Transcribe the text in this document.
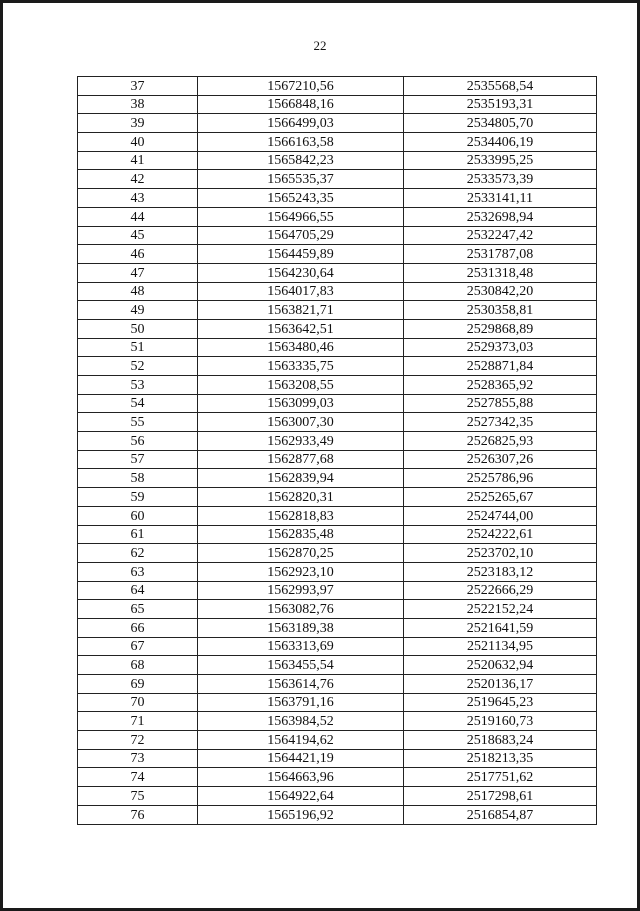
22
37	1567210,56	2535568,54
38	1566848,16	2535193,31
39	1566499,03	2534805,70
40	1566163,58	2534406,19
41	1565842,23	2533995,25
42	1565535,37	2533573,39
43	1565243,35	2533141,11
44	1564966,55	2532698,94
45	1564705,29	2532247,42
46	1564459,89	2531787,08
47	1564230,64	2531318,48
48	1564017,83	2530842,20
49	1563821,71	2530358,81
50	1563642,51	2529868,89
51	1563480,46	2529373,03
52	1563335,75	2528871,84
53	1563208,55	2528365,92
54	1563099,03	2527855,88
55	1563007,30	2527342,35
56	1562933,49	2526825,93
57	1562877,68	2526307,26
58	1562839,94	2525786,96
59	1562820,31	2525265,67
60	1562818,83	2524744,00
61	1562835,48	2524222,61
62	1562870,25	2523702,10
63	1562923,10	2523183,12
64	1562993,97	2522666,29
65	1563082,76	2522152,24
66	1563189,38	2521641,59
67	1563313,69	2521134,95
68	1563455,54	2520632,94
69	1563614,76	2520136,17
70	1563791,16	2519645,23
71	1563984,52	2519160,73
72	1564194,62	2518683,24
73	1564421,19	2518213,35
74	1564663,96	2517751,62
75	1564922,64	2517298,61
76	1565196,92	2516854,87
